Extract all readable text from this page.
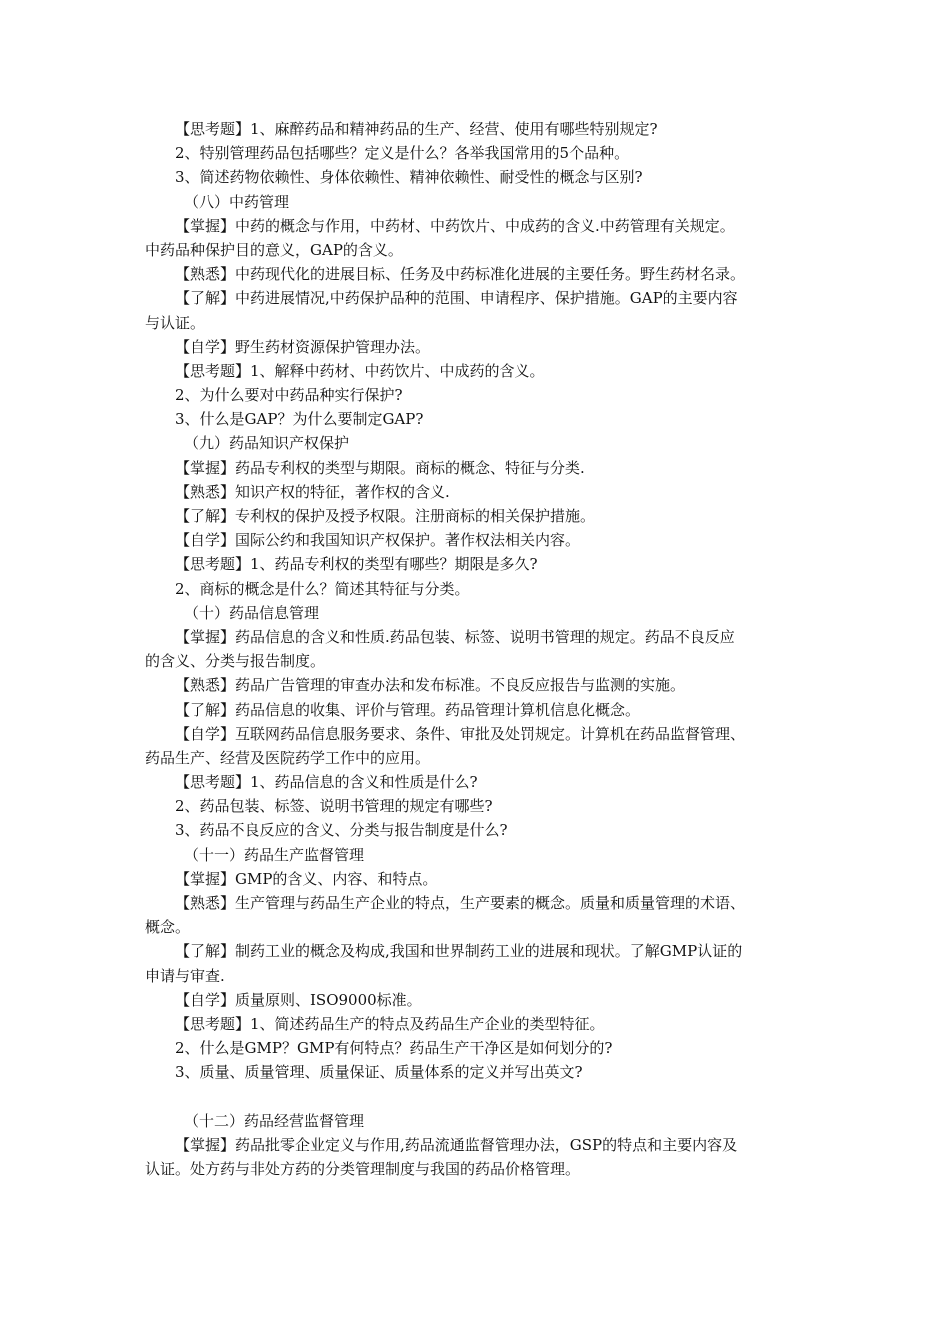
【思考题】1、麻醉药品和精神药品的生产、经营、使用有哪些特别规定?
2、特别管理药品包括哪些？定义是什么？各举我国常用的5个品种。
3、简述药物依赖性、身体依赖性、精神依赖性、耐受性的概念与区别?
（八）中药管理
【掌握】中药的概念与作用，中药材、中药饮片、中成药的含义.中药管理有关规定。
中药品种保护目的意义，GAP的含义。
【熟悉】中药现代化的进展目标、任务及中药标准化进展的主要任务。野生药材名录。
【了解】中药进展情况,中药保护品种的范围、申请程序、保护措施。GAP的主要内容
与认证。
【自学】野生药材资源保护管理办法。
【思考题】1、解释中药材、中药饮片、中成药的含义。
2、为什么要对中药品种实行保护?
3、什么是GAP？为什么要制定GAP?
（九）药品知识产权保护
【掌握】药品专利权的类型与期限。商标的概念、特征与分类.
【熟悉】知识产权的特征，著作权的含义.
【了解】专利权的保护及授予权限。注册商标的相关保护措施。
【自学】国际公约和我国知识产权保护。著作权法相关内容。
【思考题】1、药品专利权的类型有哪些？期限是多久?
2、商标的概念是什么？简述其特征与分类。
（十）药品信息管理
【掌握】药品信息的含义和性质.药品包装、标签、说明书管理的规定。药品不良反应
的含义、分类与报告制度。
【熟悉】药品广告管理的审查办法和发布标准。不良反应报告与监测的实施。
【了解】药品信息的收集、评价与管理。药品管理计算机信息化概念。
【自学】互联网药品信息服务要求、条件、审批及处罚规定。计算机在药品监督管理、
药品生产、经营及医院药学工作中的应用。
【思考题】1、药品信息的含义和性质是什么?
2、药品包装、标签、说明书管理的规定有哪些?
3、药品不良反应的含义、分类与报告制度是什么?
（十一）药品生产监督管理
【掌握】GMP的含义、内容、和特点。
【熟悉】生产管理与药品生产企业的特点，生产要素的概念。质量和质量管理的术语、
概念。
【了解】制药工业的概念及构成,我国和世界制药工业的进展和现状。了解GMP认证的
申请与审查.
【自学】质量原则、ISO9000标准。
【思考题】1、简述药品生产的特点及药品生产企业的类型特征。
2、什么是GMP？GMP有何特点？药品生产干净区是如何划分的?
3、质量、质量管理、质量保证、质量体系的定义并写出英文?
（十二）药品经营监督管理
【掌握】药品批零企业定义与作用,药品流通监督管理办法，GSP的特点和主要内容及
认证。处方药与非处方药的分类管理制度与我国的药品价格管理。
